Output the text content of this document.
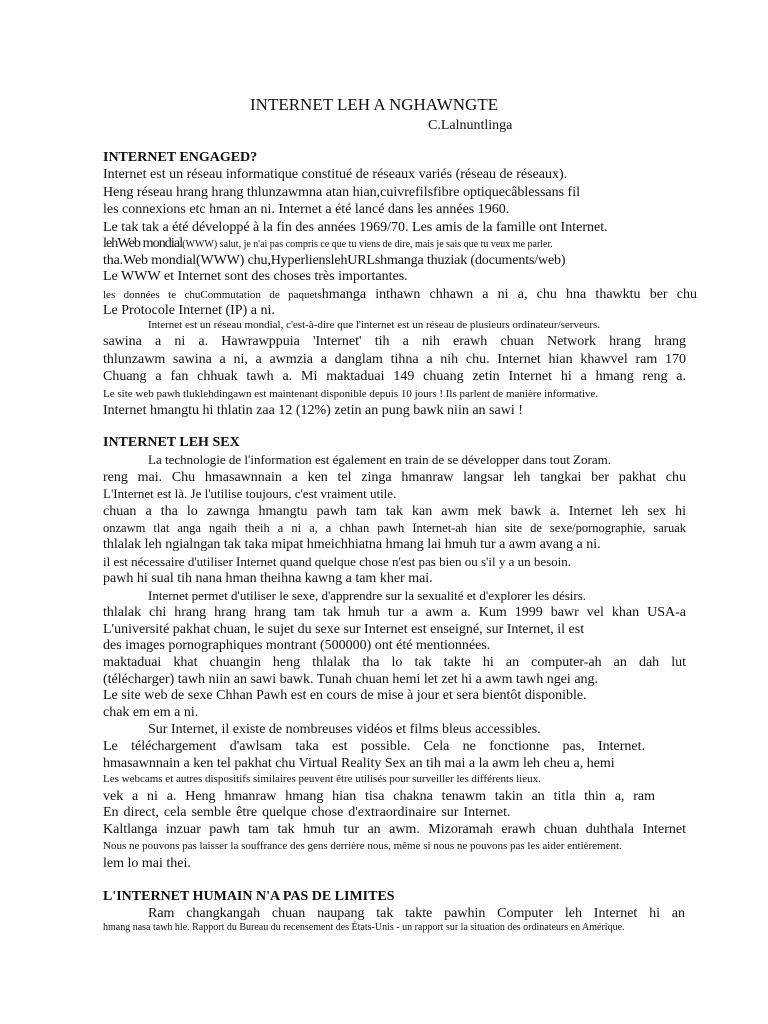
INTERNET LEH A NGHAWNGTE
C.Lalnuntlinga
INTERNET ENGAGED?
Internet est un réseau informatique constitué de réseaux variés (réseau de réseaux).
Heng réseau hrang hrang thlunzawmna atan hian,cuivrefilsfibre optiquecâblessans fil
les connexions etc hman an ni. Internet a été lancé dans les années 1960.
Le tak tak a été développé à la fin des années 1969/70. Les amis de la famille ont Internet.
lehWeb mondial(WWW) salut, je n'ai pas compris ce que tu viens de dire, mais je sais que tu veux me parler.
tha.Web mondial(WWW) chu,HyperlienslehURLshmanga thuziak (documents/web)
Le WWW et Internet sont des choses très importantes.
les données te chuCommutation de paquetshmanga inthawn chhawn a ni a, chu hna thawktu ber chu
Le Protocole Internet (IP) a ni.
Internet est un réseau mondial, c'est-à-dire que l'internet est un réseau de plusieurs ordinateur/serveurs.
sawina a ni a. Hawrawppuia 'Internet' tih a nih erawh chuan Network hrang hrang
thlunzawm sawina a ni, a awmzia a danglam tihna a nih chu. Internet hian khawvel ram 170
Chuang a fan chhuak tawh a. Mi maktaduai 149 chuang zetin Internet hi a hmang reng a.
Le site web pawh tluklehdingawn est maintenant disponible depuis 10 jours ! Ils parlent de manière informative.
Internet hmangtu hi thlatin zaa 12 (12%) zetin an pung bawk niin an sawi !
INTERNET LEH SEX
La technologie de l'information est également en train de se développer dans tout Zoram.
reng mai. Chu hmasawnnain a ken tel zinga hmanraw langsar leh tangkai ber pakhat chu
L'Internet est là. Je l'utilise toujours, c'est vraiment utile.
chuan a tha lo zawnga hmangtu pawh tam tak kan awm mek bawk a. Internet leh sex hi
onzawm tlat anga ngaih theih a ni a, a chhan pawh Internet-ah hian site de sexe/pornographie, saruak
thlalak leh ngialngan tak taka mipat hmeichhiatna hmang lai hmuh tur a awm avang a ni.
il est nécessaire d'utiliser Internet quand quelque chose n'est pas bien ou s'il y a un besoin.
pawh hi sual tih nana hman theihna kawng a tam kher mai.
Internet permet d'utiliser le sexe, d'apprendre sur la sexualité et d'explorer les désirs.
thlalak chi hrang hrang hrang tam tak hmuh tur a awm a. Kum 1999 bawr vel khan USA-a
L'université pakhat chuan, le sujet du sexe sur Internet est enseigné, sur Internet, il est
des images pornographiques montrant (500000) ont été mentionnées.
maktaduai khat chuangin heng thlalak tha lo tak takte hi an computer-ah an dah lut
(télécharger) tawh niin an sawi bawk. Tunah chuan hemi let zet hi a awm tawh ngei ang.
Le site web de sexe Chhan Pawh est en cours de mise à jour et sera bientôt disponible.
chak em em a ni.
Sur Internet, il existe de nombreuses vidéos et films bleus accessibles.
Le téléchargement d'awlsam taka est possible. Cela ne fonctionne pas, Internet.
hmasawnnain a ken tel pakhat chu Virtual Reality Sex an tih mai a la awm leh cheu a, hemi
Les webcams et autres dispositifs similaires peuvent être utilisés pour surveiller les différents lieux.
vek a ni a. Heng hmanraw hmang hian tisa chakna tenawm takin an titla thin a, ram
En direct, cela semble être quelque chose d'extraordinaire sur Internet.
Kaltlanga inzuar pawh tam tak hmuh tur an awm. Mizoramah erawh chuan duhthala Internet
Nous ne pouvons pas laisser la souffrance des gens derrière nous, même si nous ne pouvons pas les aider entièrement.
lem lo mai thei.
L'INTERNET HUMAIN N'A PAS DE LIMITES
Ram changkangah chuan naupang tak takte pawhin Computer leh Internet hi an
hmang nasa tawh hle. Rapport du Bureau du recensement des États-Unis - un rapport sur la situation des ordinateurs en Amérique.
